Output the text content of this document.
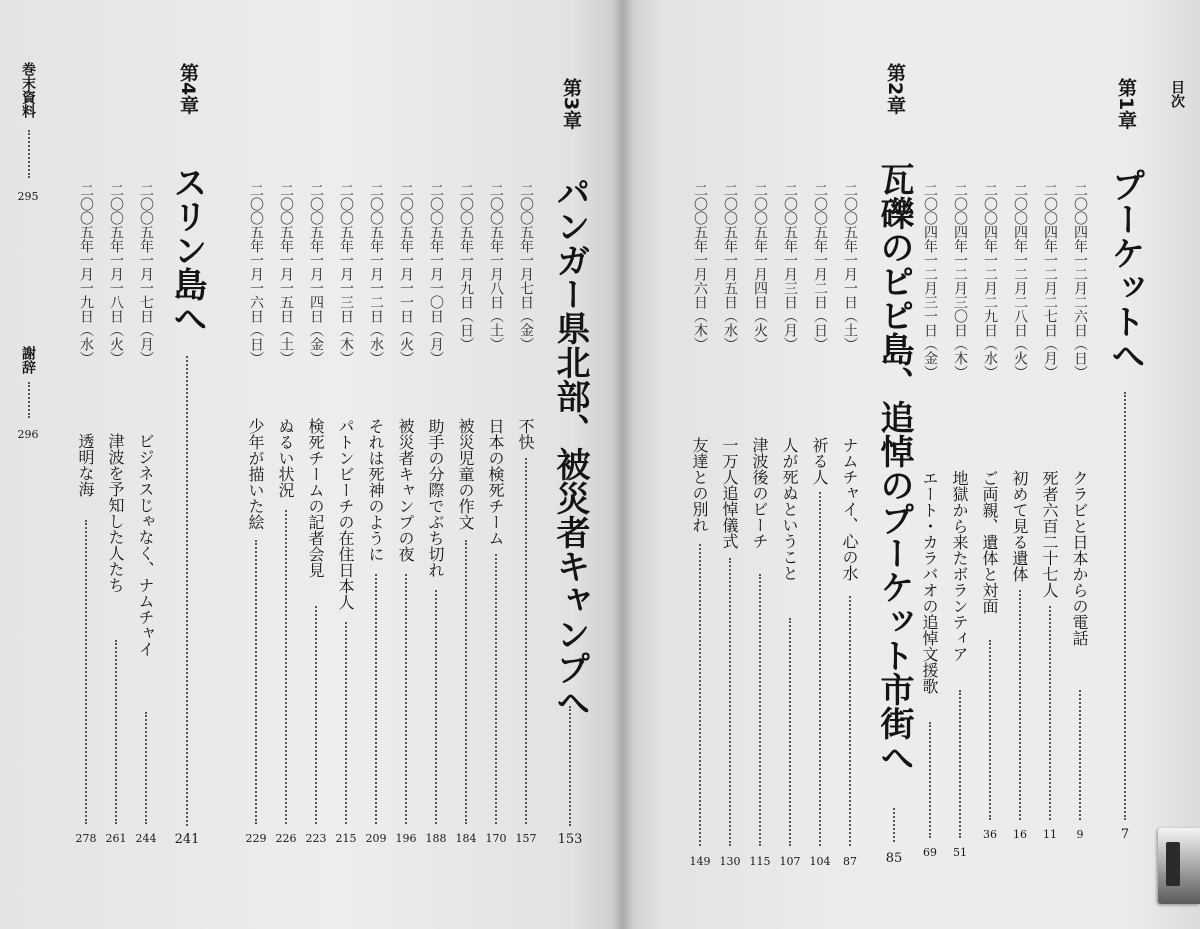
目次
第1章
プーケットへ
7
二〇〇四年一二月二六日（日）
クラビと日本からの電話
9
二〇〇四年一二月二七日（月）
死者六百二十七人
11
二〇〇四年一二月二八日（火）
初めて見る遺体
16
二〇〇四年一二月二九日（水）
ご両親、遺体と対面
36
二〇〇四年一二月三〇日（木）
地獄から来たボランティア
51
二〇〇四年一二月三一日（金）
エート・カラバオの追悼文援歌
69
第2章
瓦礫のピピ島、追悼のプーケット市街へ
85
二〇〇五年一月一日（土）
ナムチャイ、心の水
87
二〇〇五年一月二日（日）
祈る人
104
二〇〇五年一月三日（月）
人が死ぬということ
107
二〇〇五年一月四日（火）
津波後のビーチ
115
二〇〇五年一月五日（水）
一万人追悼儀式
130
二〇〇五年一月六日（木）
友達との別れ
149
第3章
パンガー県北部、被災者キャンプへ
153
二〇〇五年一月七日（金）
不快
157
二〇〇五年一月八日（土）
日本の検死チーム
170
二〇〇五年一月九日（日）
被災児童の作文
184
二〇〇五年一月一〇日（月）
助手の分際でぶち切れ
188
二〇〇五年一月一一日（火）
被災者キャンプの夜
196
二〇〇五年一月一二日（水）
それは死神のように
209
二〇〇五年一月一三日（木）
パトンビーチの在住日本人
215
二〇〇五年一月一四日（金）
検死チームの記者会見
223
二〇〇五年一月一五日（土）
ぬるい状況
226
二〇〇五年一月一六日（日）
少年が描いた絵
229
第4章
スリン島へ
241
二〇〇五年一月一七日（月）
ビジネスじゃなく、ナムチャイ
244
二〇〇五年一月一八日（火）
津波を予知した人たち
261
二〇〇五年一月一九日（水）
透明な海
278
巻末資料
295
謝辞
296
